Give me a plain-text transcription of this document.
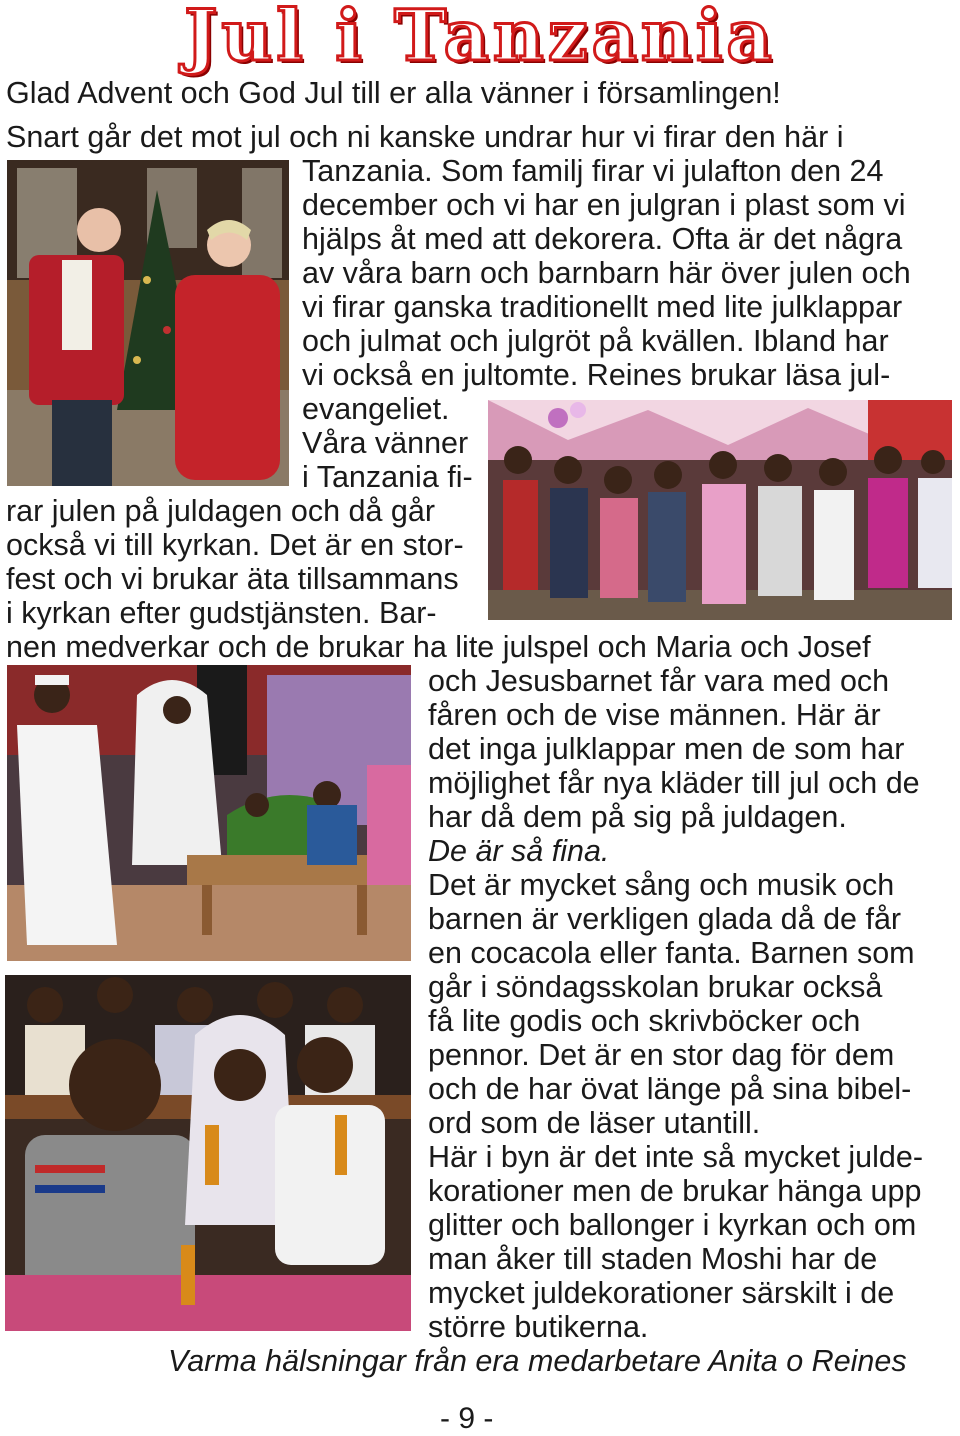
Jul i Tanzania
Glad Advent och God Jul till er alla vänner i församlingen!
Snart går det mot jul och ni kanske undrar hur vi firar den här i
Tanzania. Som familj firar vi julafton den 24
december och vi har en julgran i plast som vi
hjälps åt med att dekorera. Ofta är det några
av våra barn och barnbarn här över julen och
vi firar ganska traditionellt med lite julklappar
och julmat och julgröt på kvällen. Ibland har
vi också en jultomte. Reines brukar läsa jul-
evangeliet.
Våra vänner
i Tanzania fi-
rar julen på juldagen och då går
också vi till kyrkan. Det är en stor-
fest och vi brukar äta tillsammans
i kyrkan efter gudstjänsten. Bar-
nen medverkar och de brukar ha lite julspel och Maria och Josef
och Jesusbarnet får vara med och
fåren och de vise männen. Här är
det inga julklappar men de som har
möjlighet får nya kläder till jul och de
har då dem på sig på juldagen.
De är så fina.
Det är mycket sång och musik och
barnen är verkligen glada då de får
en cocacola eller fanta. Barnen som
går i söndagsskolan brukar också
få lite godis och skrivböcker och
pennor. Det är en stor dag för dem
och de har övat länge på sina bibel-
ord som de läser utantill.
Här i byn är det inte så mycket julde-
korationer men de brukar hänga upp
glitter och ballonger i kyrkan och om
man åker till staden Moshi har de
mycket juldekorationer särskilt i de
större butikerna.
Varma hälsningar från era medarbetare Anita o Reines
- 9 -
